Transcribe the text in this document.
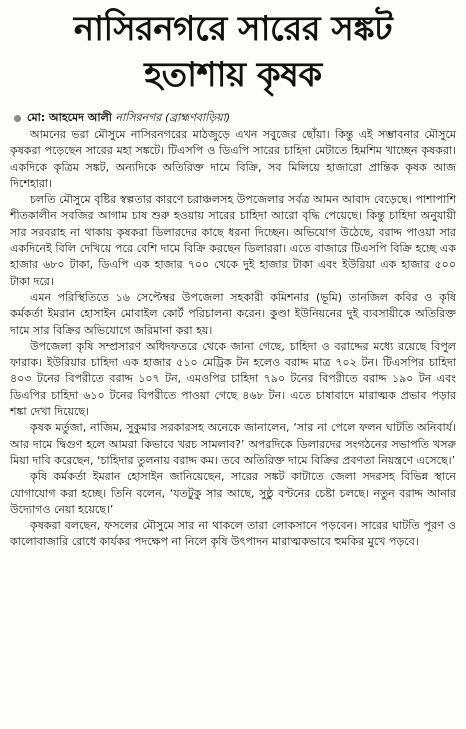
নাসিরনগরে সারের সঙ্কট
হতাশায় কৃষক
মো: আহমেদ আলী নাসিরনগর (ব্রাহ্মণবাড়িয়া)

আমনের ভরা মৌসুমে নাসিরনগরের মাঠজুড়ে এখন সবুজের ছোঁয়া। কিন্তু এই সম্ভাবনার মৌসুমে কৃষকরা পড়েছেন সারের মহা সঙ্কটে। টিএসপি ও ডিএপি সারের চাহিদা মেটাতে হিমশিম খাচ্ছেন কৃষকরা। একদিকে কৃত্রিম সঙ্কট, অন্যদিকে অতিরিক্ত দামে বিক্রি, সব মিলিয়ে হাজারো প্রান্তিক কৃষক আজ দিশেহারা।

চলতি মৌসুমে বৃষ্টির স্বল্পতার কারণে চরাঞ্চলসহ উপজেলার সর্বত্র আমন আবাদ বেড়েছে। পাশাপাশি শীতকালীন সবজির আগাম চাষ শুরু হওয়ায় সারের চাহিদা আরো বৃদ্ধি পেয়েছে। কিন্তু চাহিদা অনুযায়ী সার সরবরাহ না থাকায় কৃষকরা ডিলারদের কাছে ধরনা দিচ্ছেন। অভিযোগ উঠেছে, বরাদ্দ পাওয়া সার একদিনেই বিলি দেখিয়ে পরে বেশি দামে বিক্রি করছেন ডিলাররা। এতে বাজারে টিএসপি বিক্রি হচ্ছে এক হাজার ৬৮০ টাকা, ডিএপি এক হাজার ৭০০ থেকে দুই হাজার টাকা এবং ইউরিয়া এক হাজার ৫০০ টাকা দরে।

এমন পরিস্থিতিতে ১৬ সেপ্টেম্বর উপজেলা সহকারী কমিশনার (ভূমি) তানজিল কবির ও কৃষি কর্মকর্তা ইমরান হোসাইন মোবাইল কোর্ট পরিচালনা করেন। কুণ্ডা ইউনিয়নের দুই ব্যবসায়ীকে অতিরিক্ত দামে সার বিক্রির অভিযোগে জরিমানা করা হয়।

উপজেলা কৃষি সম্প্রসারণ অধিদফতরে থেকে জানা গেছে, চাহিদা ও বরাদ্দের মধ্যে রয়েছে বিপুল ফারাক। ইউরিয়ার চাহিদা এক হাজার ৫১০ মেট্রিক টন হলেও বরাদ্দ মাত্র ৭০২ টন। টিএসপির চাহিদা ৪০৩ টনের বিপরীতে বরাদ্দ ১০৭ টন, এমওপির চাহিদা ৭৯০ টনের বিপরীতে বরাদ্দ ১৯০ টন এবং ডিএপির চাহিদা ৬১০ টনের বিপরীতে পাওয়া গেছে ৪৬৮ টন। এতে চাষাবাদে মারাত্মক প্রভাব পড়ার শঙ্কা দেখা দিয়েছে।

কৃষক মর্তুজা, নাজিম, সুকুমার সরকারসহ অনেকে জানালেন, ‘সার না পেলে ফলন ঘাটতি অনিবার্য। আর দামে দ্বিগুণ হলে আমরা কিভাবে খরচ সামলাব?’ অপরদিকে ডিলারদের সংগঠনের সভাপতি খসরু মিয়া দাবি করেছেন, ‘চাহিদার তুলনায় বরাদ্দ কম। তবে অতিরিক্ত দামে বিক্রির প্রবণতা নিয়ন্ত্রণে এসেছে।’

কৃষি কর্মকর্তা ইমরান হোসাইন জানিয়েছেন, সারের সঙ্কট কাটাতে জেলা সদরসহ বিভিন্ন স্থানে যোগাযোগ করা হচ্ছে। তিনি বলেন, ‘যতটুকু সার আছে, সুষ্ঠু বণ্টনের চেষ্টা চলছে। নতুন বরাদ্দ আনার উদ্যোগও নেয়া হয়েছে।’

কৃষকরা বলছেন, ফসলের মৌসুমে সার না থাকলে তারা লোকসানে পড়বেন। সারের ঘাটতি পূরণ ও কালোবাজারি রোধে কার্যকর পদক্ষেপ না নিলে কৃষি উৎপাদন মারাত্মকভাবে হুমকির মুখে পড়বে।
